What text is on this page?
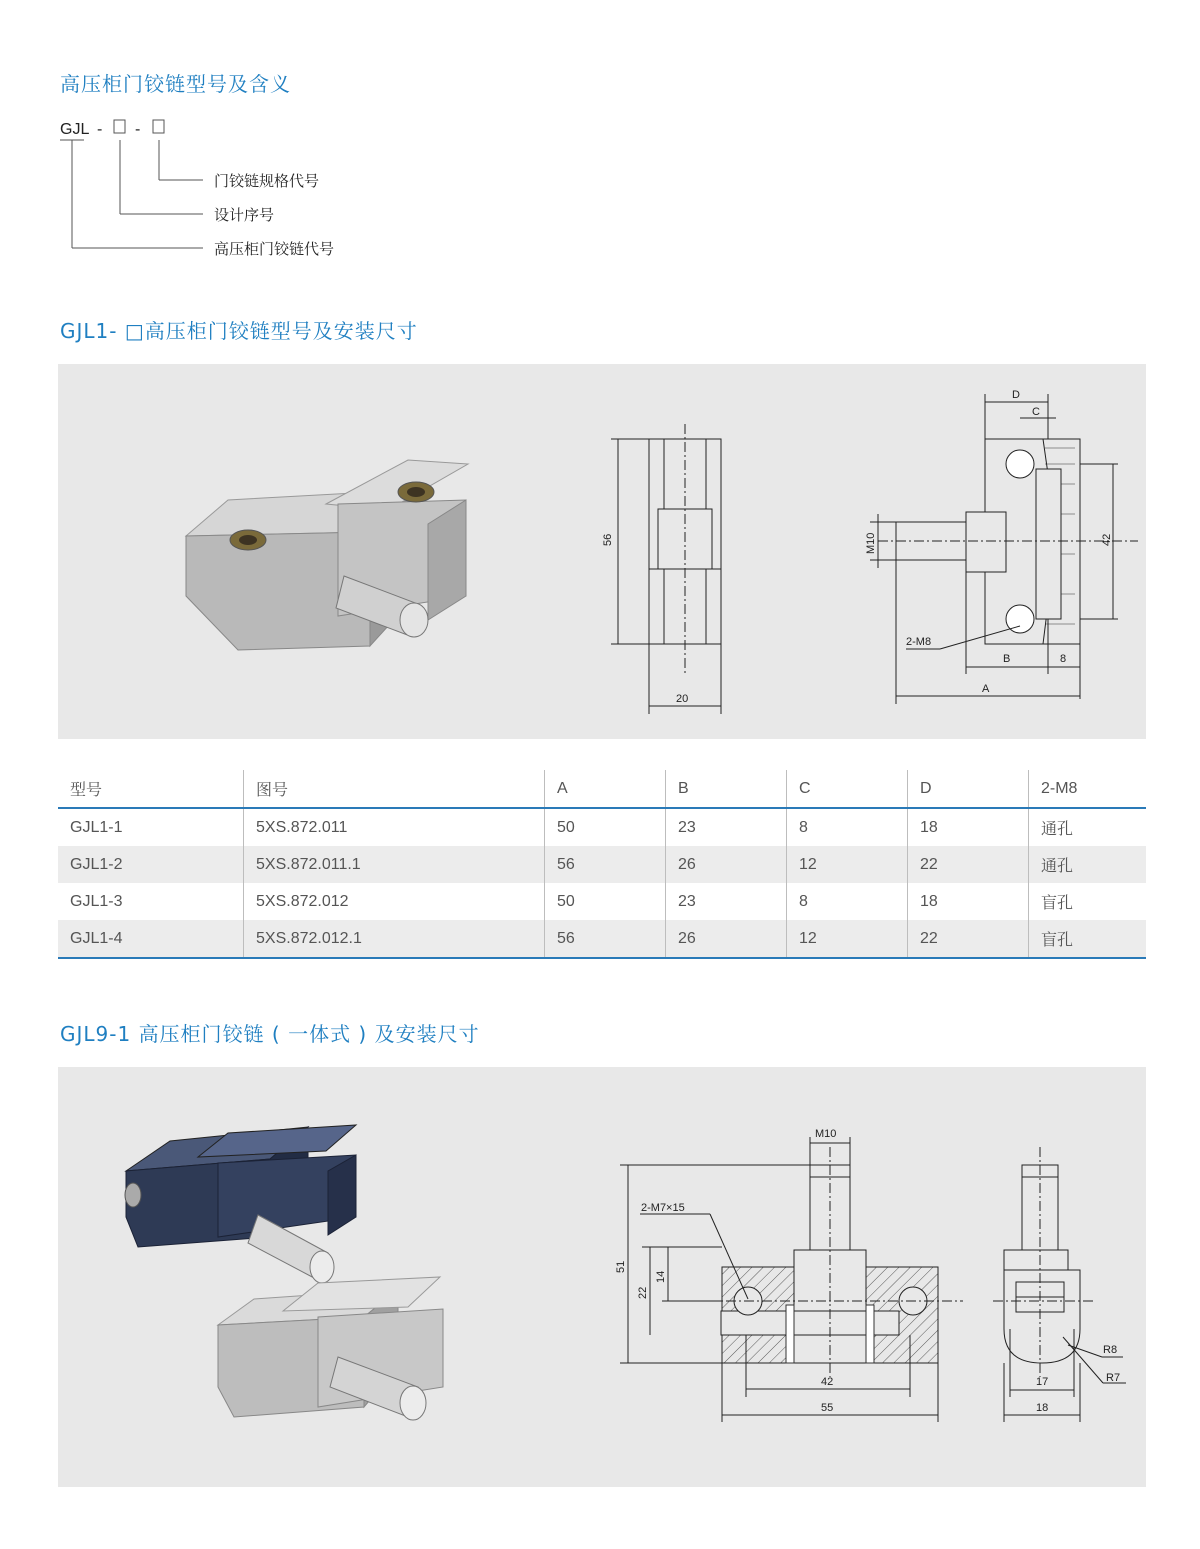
高压柜门铰链型号及含义
GJL - -
门铰链规格代号
设计序号
高压柜门铰链代号
GJL1- □高压柜门铰链型号及安装尺寸
56
20
D
C
M10	42
2-M8
B	8
A
型号	图号	A	B	C	D	2-M8
GJL1-1	5XS.872.011	50	23	8	18	通孔
GJL1-2	5XS.872.011.1	56	26	12	22	通孔
GJL1-3	5XS.872.012	50	23	8	18	盲孔
GJL1-4	5XS.872.012.1	56	26	12	22	盲孔
GJL9-1 高压柜门铰链 ( 一体式 ) 及安装尺寸
M10
2-M7×15
51
22
14
42
55
R8
R7
17
18
